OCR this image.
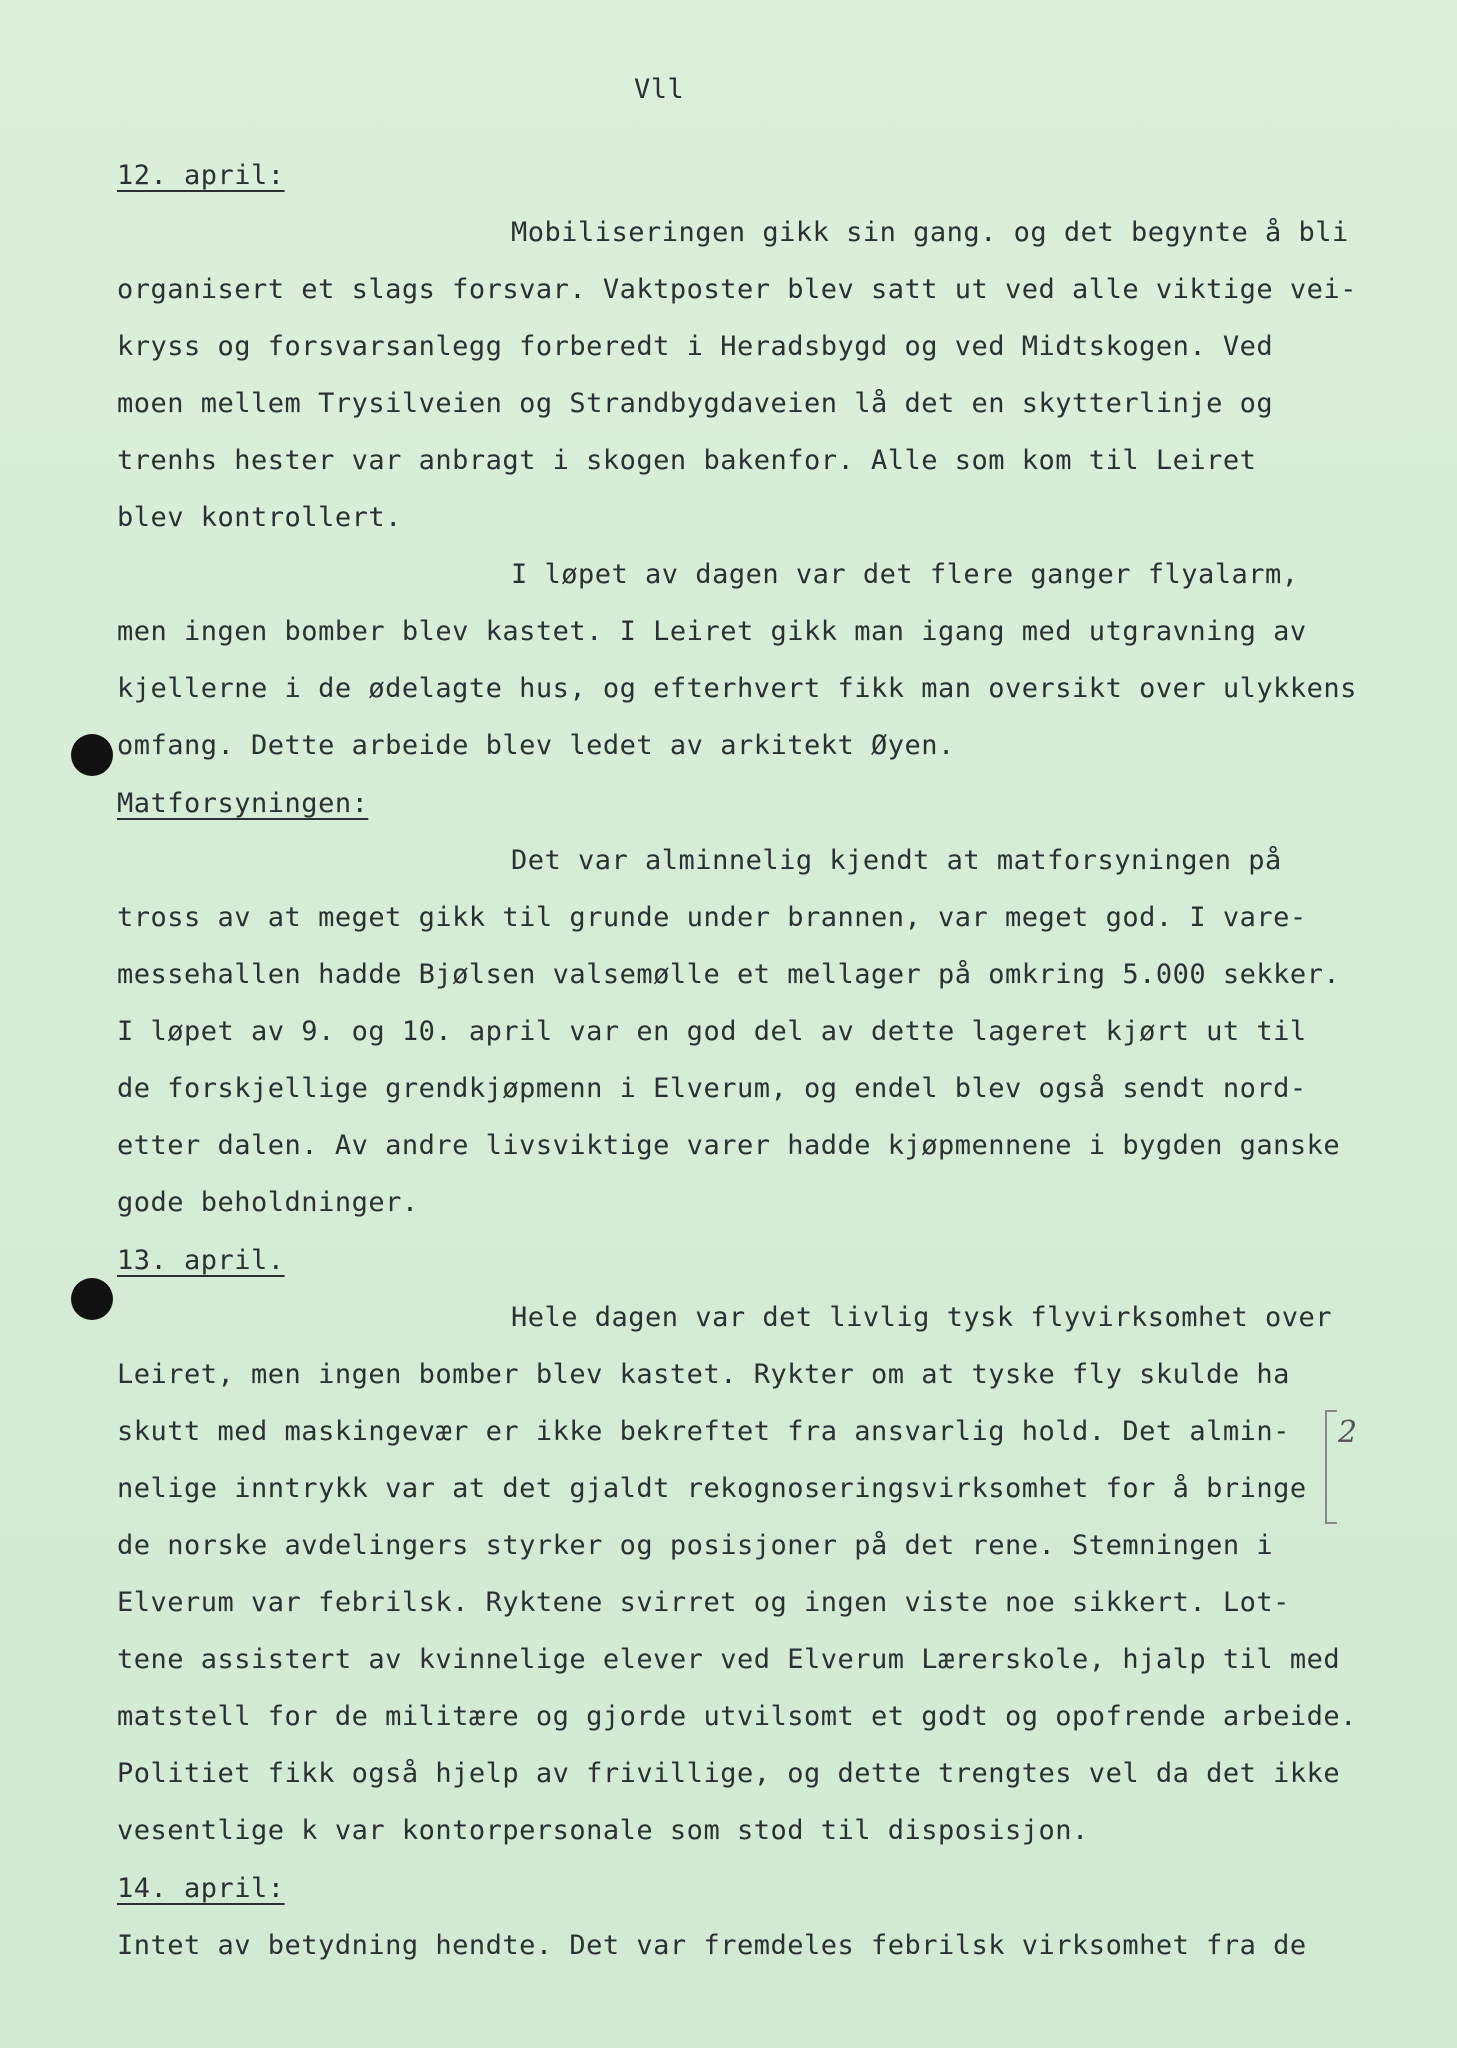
Vll
12. april:
Mobiliseringen gikk sin gang. og det begynte å bli
organisert et slags forsvar. Vaktposter blev satt ut ved alle viktige vei-
kryss og forsvarsanlegg forberedt i Heradsbygd og ved Midtskogen. Ved
moen mellem Trysilveien og Strandbygdaveien lå det en skytterlinje og
trenhs hester var anbragt i skogen bakenfor. Alle som kom til Leiret
blev kontrollert.
I løpet av dagen var det flere ganger flyalarm,
men ingen bomber blev kastet. I Leiret gikk man igang med utgravning av
kjellerne i de ødelagte hus, og efterhvert fikk man oversikt over ulykkens
omfang. Dette arbeide blev ledet av arkitekt Øyen.
Matforsyningen:
Det var alminnelig kjendt at matforsyningen på
tross av at meget gikk til grunde under brannen, var meget god. I vare-
messehallen hadde Bjølsen valsemølle et mellager på omkring 5.000 sekker.
I løpet av 9. og 10. april var en god del av dette lageret kjørt ut til
de forskjellige grendkjøpmenn i Elverum, og endel blev også sendt nord-
etter dalen. Av andre livsviktige varer hadde kjøpmennene i bygden ganske
gode beholdninger.
13. april.
Hele dagen var det livlig tysk flyvirksomhet over
Leiret, men ingen bomber blev kastet. Rykter om at tyske fly skulde ha
skutt med maskingevær er ikke bekreftet fra ansvarlig hold. Det almin-
nelige inntrykk var at det gjaldt rekognoseringsvirksomhet for å bringe
de norske avdelingers styrker og posisjoner på det rene. Stemningen i
Elverum var febrilsk. Ryktene svirret og ingen viste noe sikkert. Lot-
tene assistert av kvinnelige elever ved Elverum Lærerskole, hjalp til med
matstell for de militære og gjorde utvilsomt et godt og opofrende arbeide.
Politiet fikk også hjelp av frivillige, og dette trengtes vel da det ikke
vesentlige k var kontorpersonale som stod til disposisjon.
14. april:
Intet av betydning hendte. Det var fremdeles febrilsk virksomhet fra de
2
